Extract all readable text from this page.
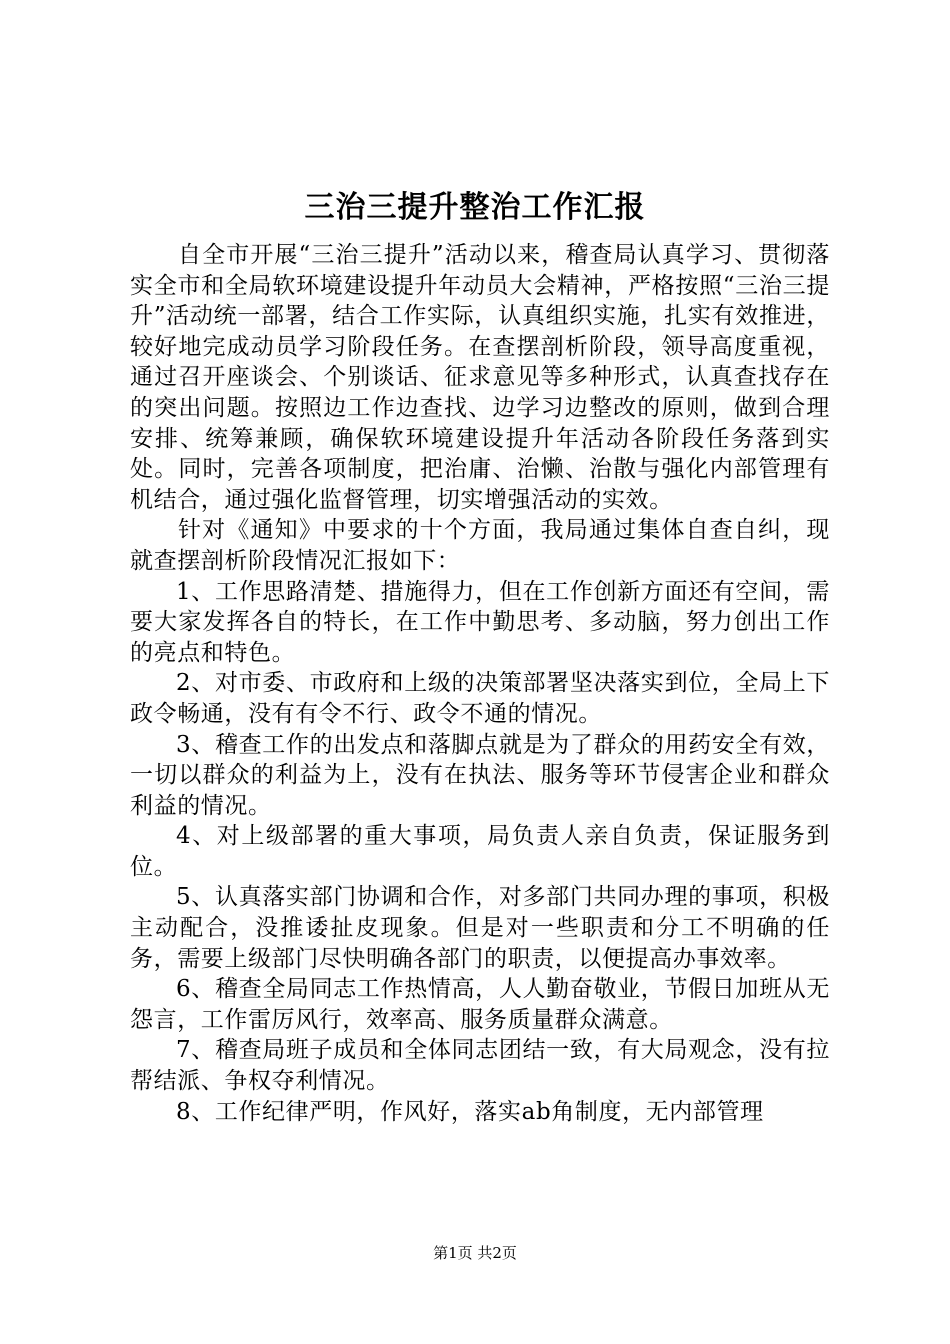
三治三提升整治工作汇报

自全市开展“三治三提升”活动以来，稽查局认真学习、贯彻落实全市和全局软环境建设提升年动员大会精神，严格按照“三治三提升”活动统一部署，结合工作实际，认真组织实施，扎实有效推进，较好地完成动员学习阶段任务。在查摆剖析阶段，领导高度重视，通过召开座谈会、个别谈话、征求意见等多种形式，认真查找存在的突出问题。按照边工作边查找、边学习边整改的原则，做到合理安排、统筹兼顾，确保软环境建设提升年活动各阶段任务落到实处。同时，完善各项制度，把治庸、治懒、治散与强化内部管理有机结合，通过强化监督管理，切实增强活动的实效。

针对《通知》中要求的十个方面，我局通过集体自查自纠，现就查摆剖析阶段情况汇报如下：

1、工作思路清楚、措施得力，但在工作创新方面还有空间，需要大家发挥各自的特长，在工作中勤思考、多动脑，努力创出工作的亮点和特色。

2、对市委、市政府和上级的决策部署坚决落实到位，全局上下政令畅通，没有有令不行、政令不通的情况。

3、稽查工作的出发点和落脚点就是为了群众的用药安全有效，一切以群众的利益为上，没有在执法、服务等环节侵害企业和群众利益的情况。

4、对上级部署的重大事项，局负责人亲自负责，保证服务到位。

5、认真落实部门协调和合作，对多部门共同办理的事项，积极主动配合，没推诿扯皮现象。但是对一些职责和分工不明确的任务，需要上级部门尽快明确各部门的职责，以便提高办事效率。

6、稽查全局同志工作热情高，人人勤奋敬业，节假日加班从无怨言，工作雷厉风行，效率高、服务质量群众满意。

7、稽查局班子成员和全体同志团结一致，有大局观念，没有拉帮结派、争权夺利情况。

8、工作纪律严明，作风好，落实ab角制度，无内部管理

第1页 共2页
